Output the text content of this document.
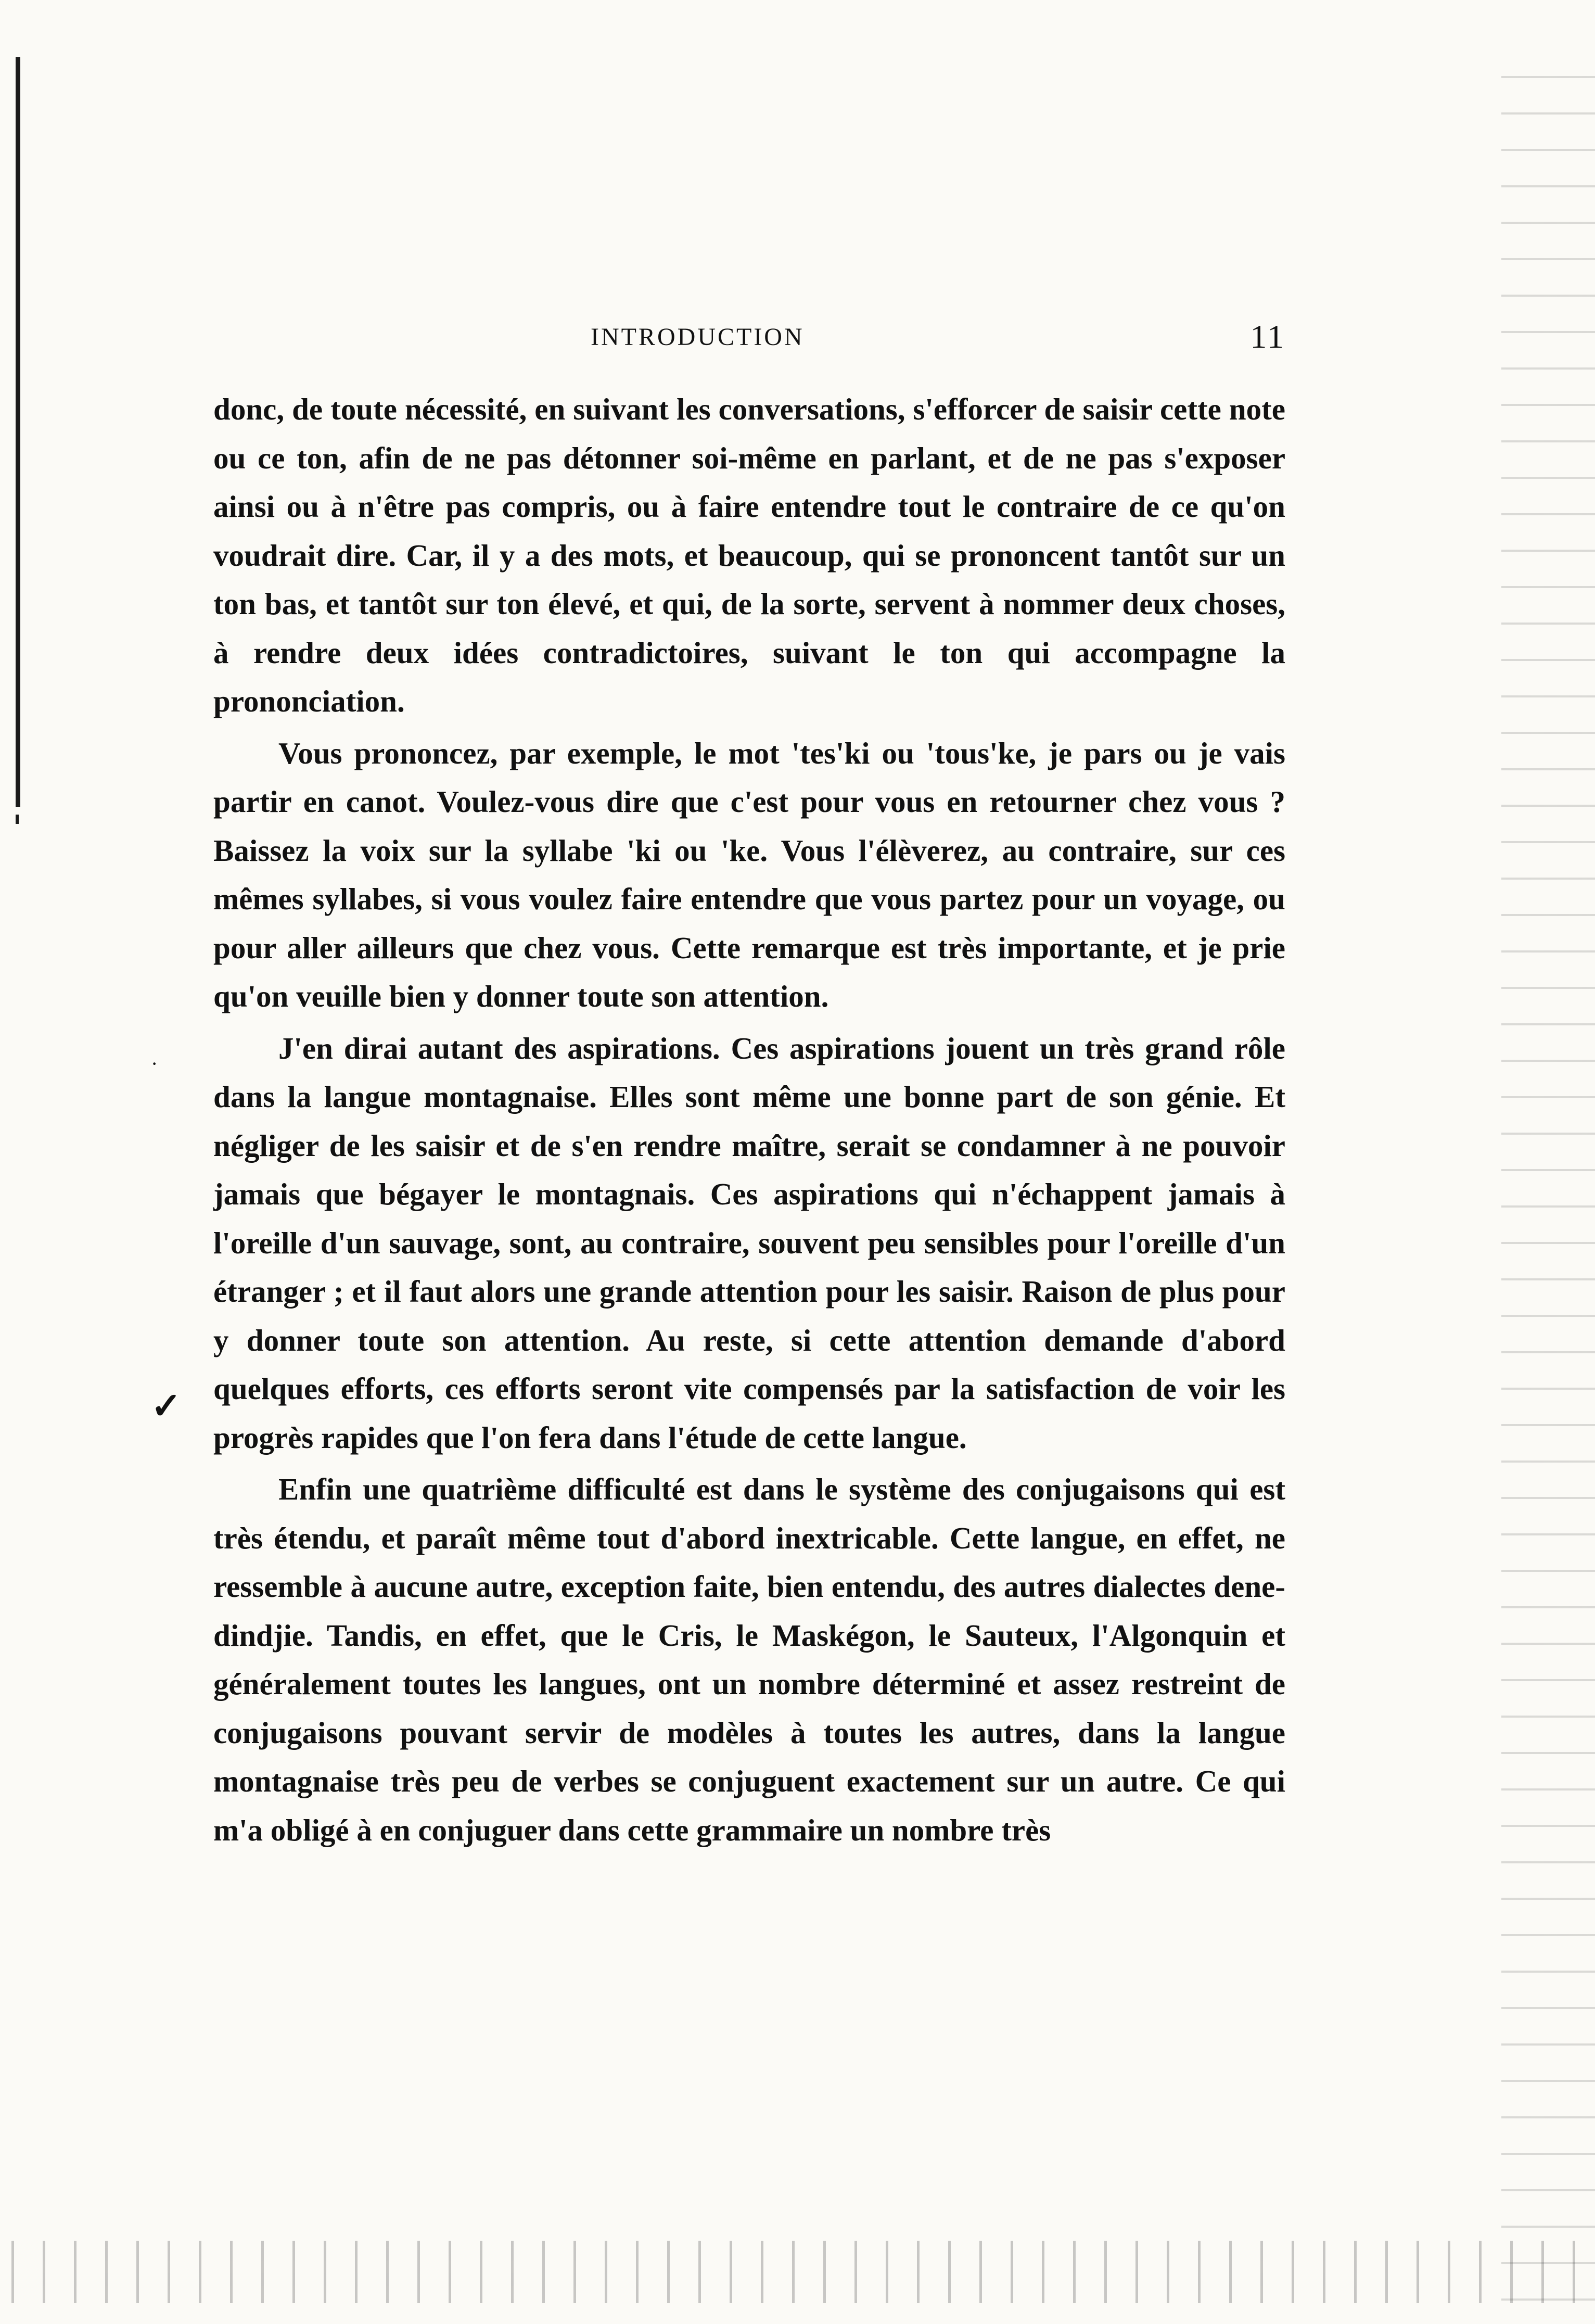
INTRODUCTION	11

donc, de toute nécessité, en suivant les conversations, s'efforcer de saisir cette note ou ce ton, afin de ne pas détonner soi-même en parlant, et de ne pas s'exposer ainsi ou à n'être pas compris, ou à faire entendre tout le contraire de ce qu'on voudrait dire. Car, il y a des mots, et beaucoup, qui se prononcent tantôt sur un ton bas, et tantôt sur ton élevé, et qui, de la sorte, servent à nommer deux choses, à rendre deux idées contradictoires, suivant le ton qui accompagne la prononciation.

Vous prononcez, par exemple, le mot 'tes'ki ou 'tous'ke, je pars ou je vais partir en canot. Voulez-vous dire que c'est pour vous en retourner chez vous ? Baissez la voix sur la syllabe 'ki ou 'ke. Vous l'élèverez, au contraire, sur ces mêmes syllabes, si vous voulez faire entendre que vous partez pour un voyage, ou pour aller ailleurs que chez vous. Cette remarque est très importante, et je prie qu'on veuille bien y donner toute son attention.

J'en dirai autant des aspirations. Ces aspirations jouent un très grand rôle dans la langue montagnaise. Elles sont même une bonne part de son génie. Et négliger de les saisir et de s'en rendre maître, serait se condamner à ne pouvoir jamais que bégayer le montagnais. Ces aspirations qui n'échappent jamais à l'oreille d'un sauvage, sont, au contraire, souvent peu sensibles pour l'oreille d'un étranger ; et il faut alors une grande attention pour les saisir. Raison de plus pour y donner toute son attention. Au reste, si cette attention demande d'abord quelques efforts, ces efforts seront vite compensés par la satisfaction de voir les progrès rapides que l'on fera dans l'étude de cette langue.

Enfin une quatrième difficulté est dans le système des conjugaisons qui est très étendu, et paraît même tout d'abord inextricable. Cette langue, en effet, ne ressemble à aucune autre, exception faite, bien entendu, des autres dialectes dene-dindjie. Tandis, en effet, que le Cris, le Maskégon, le Sauteux, l'Algonquin et généralement toutes les langues, ont un nombre déterminé et assez restreint de conjugaisons pouvant servir de modèles à toutes les autres, dans la langue montagnaise très peu de verbes se conjuguent exactement sur un autre. Ce qui m'a obligé à en conjuguer dans cette grammaire un nombre très

·
✓
